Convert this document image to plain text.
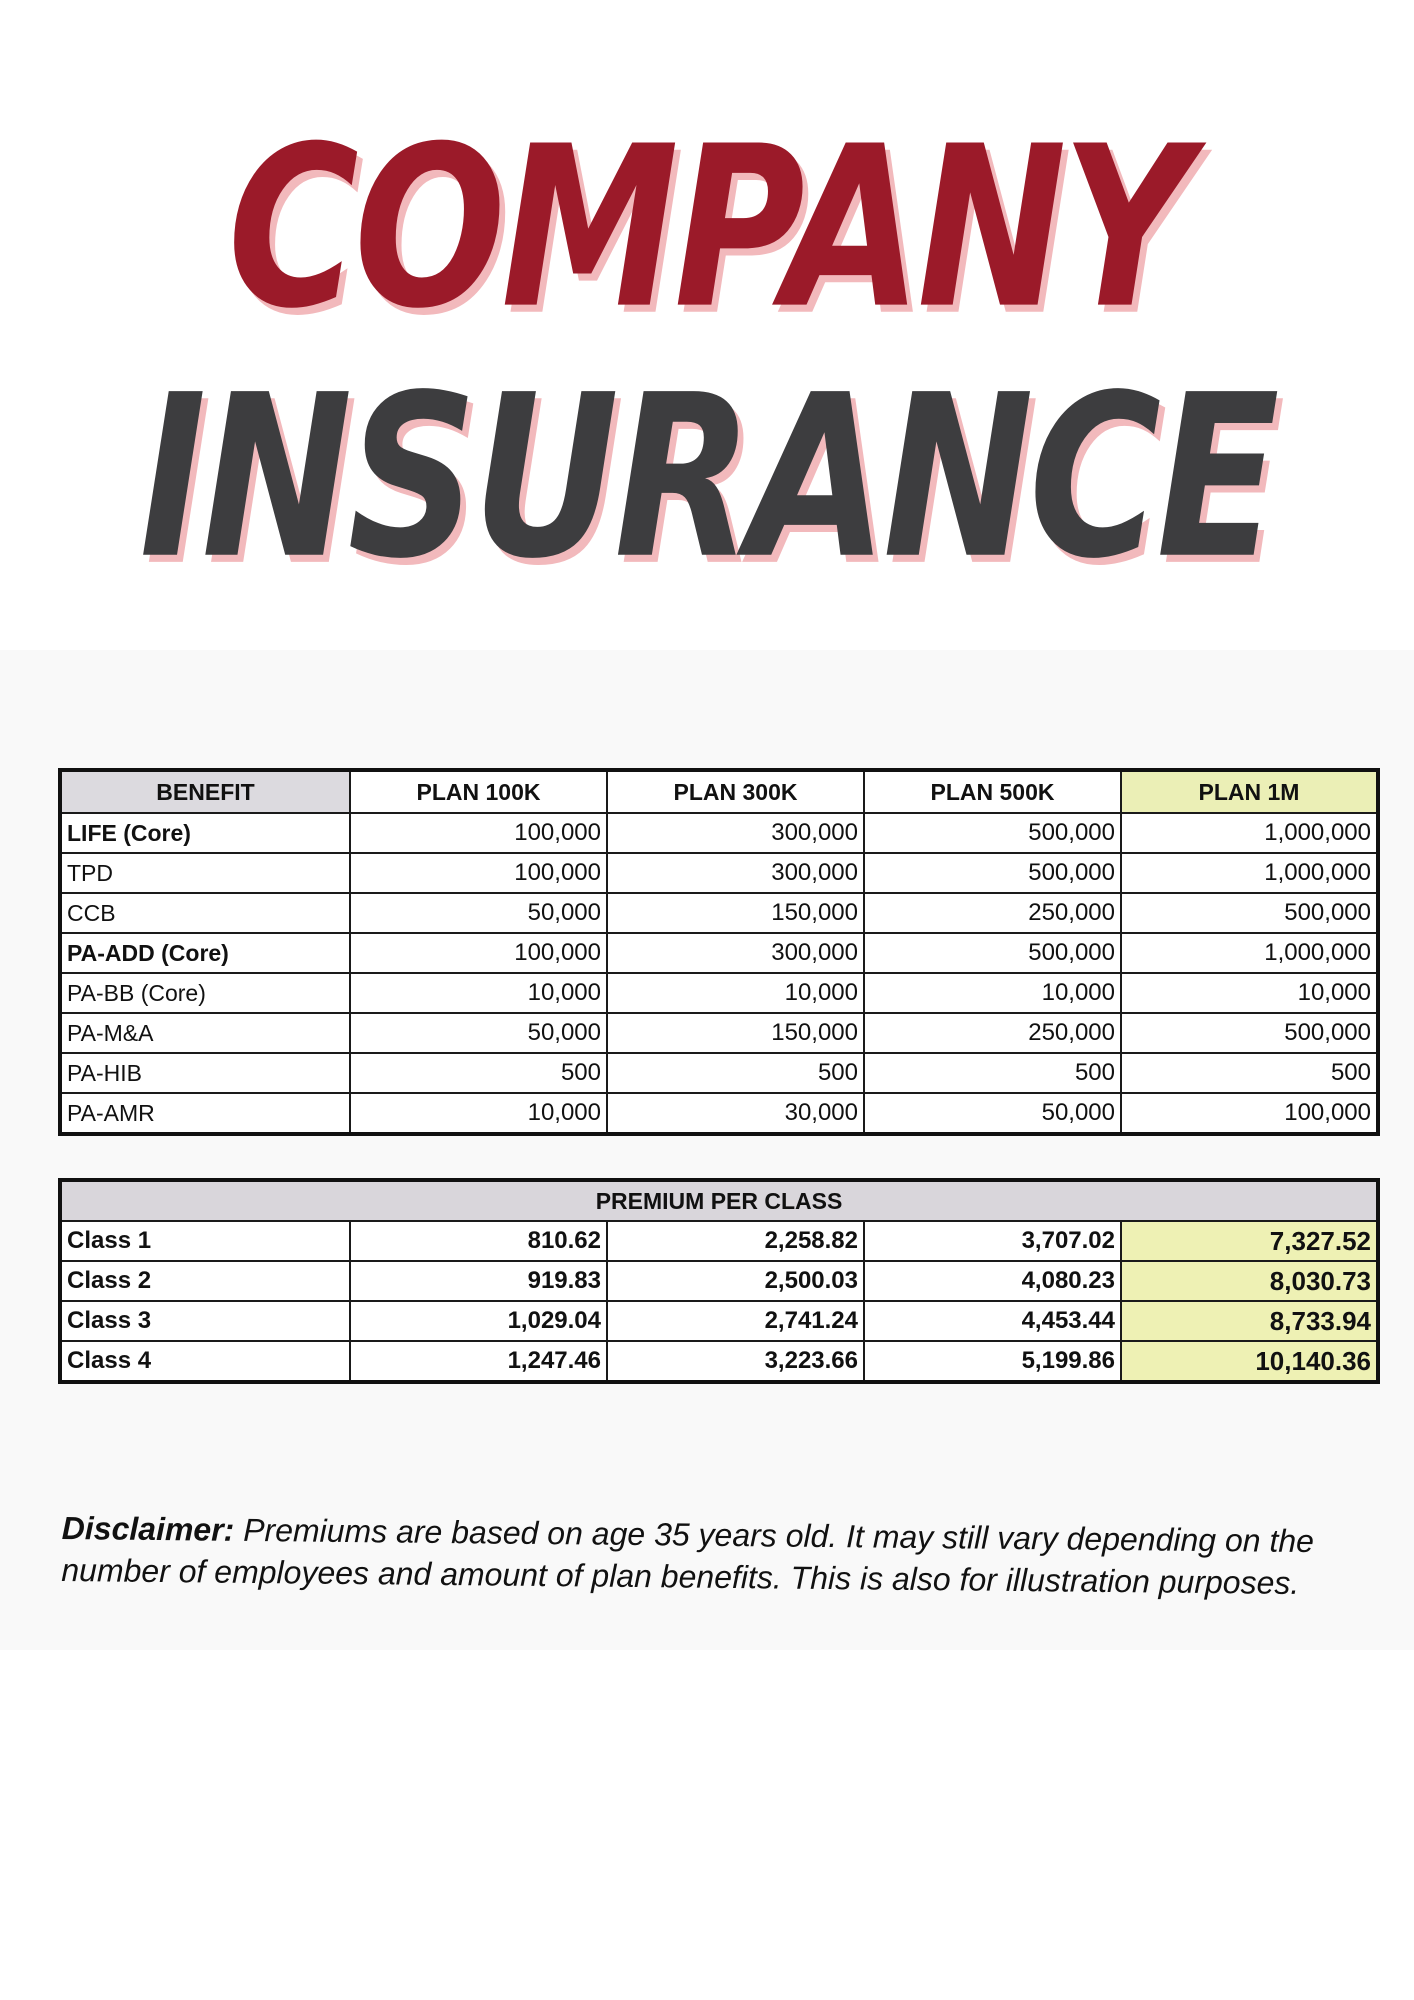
COMPANY
INSURANCE
BENEFIT	PLAN 100K	PLAN 300K	PLAN 500K	PLAN 1M
LIFE (Core)	100,000	300,000	500,000	1,000,000
TPD	100,000	300,000	500,000	1,000,000
CCB	50,000	150,000	250,000	500,000
PA-ADD (Core)	100,000	300,000	500,000	1,000,000
PA-BB (Core)	10,000	10,000	10,000	10,000
PA-M&A	50,000	150,000	250,000	500,000
PA-HIB	500	500	500	500
PA-AMR	10,000	30,000	50,000	100,000
PREMIUM PER CLASS				
Class 1	810.62	2,258.82	3,707.02	7,327.52
Class 2	919.83	2,500.03	4,080.23	8,030.73
Class 3	1,029.04	2,741.24	4,453.44	8,733.94
Class 4	1,247.46	3,223.66	5,199.86	10,140.36

Disclaimer: Premiums are based on age 35 years old. It may still vary depending on the number of employees and amount of plan benefits. This is also for illustration purposes.
